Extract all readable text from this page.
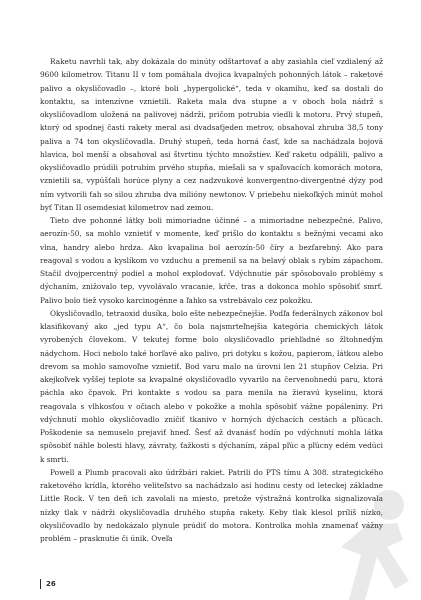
Raketu navrhli tak, aby dokázala do minúty odštartovať a aby zasiahla cieľ vzdialený až 9600 kilometrov. Titanu II v tom pomáhala dvojica kvapalných pohonných látok – raketové palivo a okysličovadlo –, ktoré boli „hypergolické“, teda v okamihu, keď sa dostali do kontaktu, sa intenzívne vznietili. Raketa mala dva stupne a v oboch bola nádrž s okysličovadlom uložená na palivovej nádrži, pričom potrubia viedli k motoru. Prvý stupeň, ktorý od spodnej časti rakety meral asi dvadsaťjeden metrov, obsahoval zhruba 38,5 tony paliva a 74 ton okysličovadla. Druhý stupeň, teda horná časť, kde sa nachádzala bojová hlavica, bol menší a obsahoval asi štvrtinu týchto množstiev. Keď raketu odpálili, palivo a okysličovadlo prúdili potrubím prvého stupňa, miešali sa v spaľovacích komorách motora, vznietili sa, vypúšťali horúce plyny a cez nadzvukové konvergentno-divergentné dýzy pod ním vytvorili ťah so silou zhruba dva milióny newtonov. V priebehu niekoľkých minút mohol byť Titan II osemdesiat kilometrov nad zemou.

Tieto dve pohonné látky boli mimoriadne účinné – a mimoriadne nebezpečné. Palivo, aerozín-50, sa mohlo vznietiť v momente, keď prišlo do kontaktu s bežnými vecami ako vlna, handry alebo hrdza. Ako kvapalina bol aerozín-50 číry a bezfarebný. Ako para reagoval s vodou a kyslíkom vo vzduchu a premenil sa na belavý oblak s rybím zápachom. Stačil dvojpercentný podiel a mohol explodovať. Vdýchnutie pár spôsobovalo problémy s dýchaním, znižovalo tep, vyvolávalo vracanie, kŕče, tras a dokonca mohlo spôsobiť smrť. Palivo bolo tiež vysoko karcinogénne a ľahko sa vstrebávalo cez pokožku.

Okysličovadlo, tetraoxid dusíka, bolo ešte nebezpečnejšie. Podľa federálnych zákonov bol klasifikovaný ako „jed typu A“, čo bola najsmrteľnejšia kategória chemických látok vyrobených človekom. V tekutej forme bolo okysličovadlo priehľadné so žltohnedým nádychom. Hoci nebolo také horľavé ako palivo, pri dotyku s kožou, papierom, látkou alebo drevom sa mohlo samovoľne vznietiť. Bod varu malo na úrovni len 21 stupňov Celzia. Pri akejkoľvek vyššej teplote sa kvapalné okysličovadlo vyvarilo na červenohnedú paru, ktorá páchla ako čpavok. Pri kontakte s vodou sa para menila na žieravú kyselinu, ktorá reagovala s vlhkosťou v očiach alebo v pokožke a mohla spôsobiť vážne popáleniny. Pri vdýchnutí mohlo okysličovadlo zničiť tkanivo v horných dýchacích cestách a pľúcach. Poškodenie sa nemuselo prejaviť hneď. Šesť až dvanásť hodín po vdýchnutí mohla látka spôsobiť náhle bolesti hlavy, závraty, ťažkosti s dýchaním, zápal pľúc a pľúcny edém vedúci k smrti.

Powell a Plumb pracovali ako údržbári rakiet. Patrili do PTS tímu A 308. strategického raketového krídla, ktorého veliteľstvo sa nachádzalo asi hodinu cesty od leteckej základne Little Rock. V ten deň ich zavolali na miesto, pretože výstražná kontrolka signalizovala nízky tlak v nádrži okysličovadla druhého stupňa rakety. Keby tlak klesol príliš nízko, okysličovadlo by nedokázalo plynule prúdiť do motora. Kontrolka mohla znamenať vážny problém – prasknutie či únik. Oveľa

26
